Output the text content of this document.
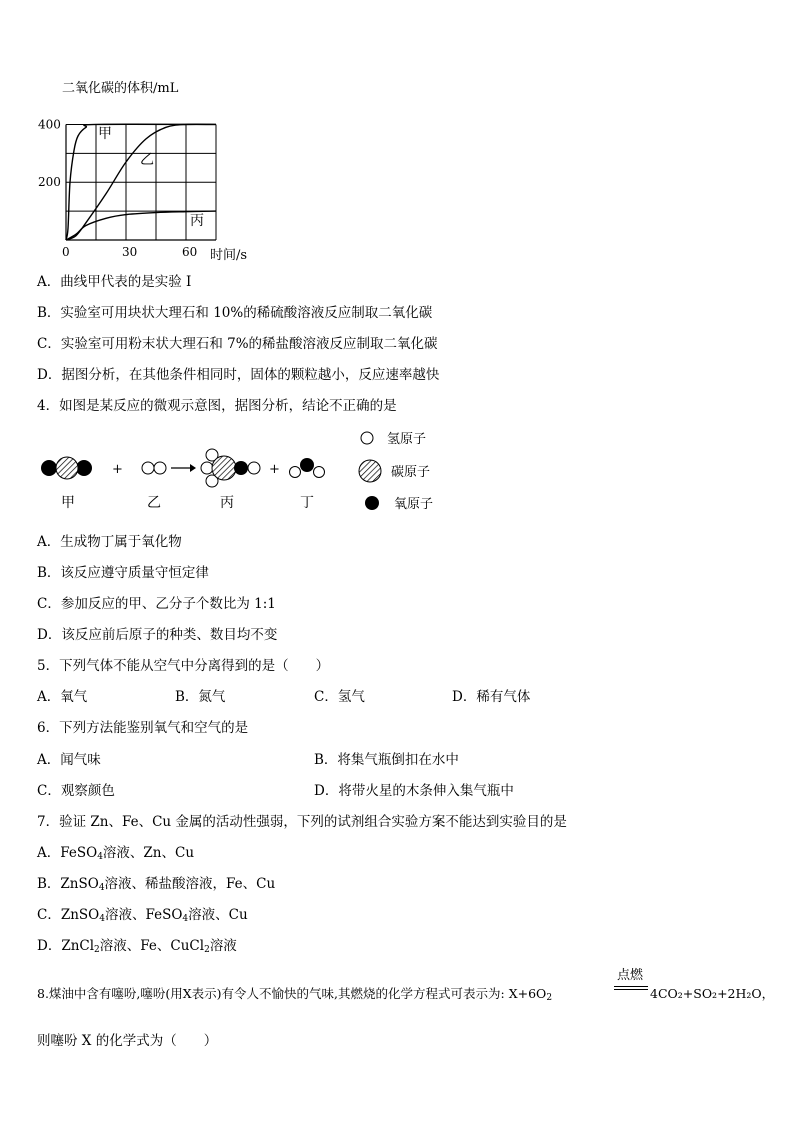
二氧化碳的体积/mL
0	30	60
200
400
时间/s
甲
乙
丙
A．曲线甲代表的是实验 I
B．实验室可用块状大理石和 10%的稀硫酸溶液反应制取二氧化碳
C．实验室可用粉末状大理石和 7%的稀盐酸溶液反应制取二氧化碳
D．据图分析，在其他条件相同时，固体的颗粒越小，反应速率越快
4．如图是某反应的微观示意图，据图分析，结论不正确的是
+	+
甲	乙	丙	丁
氢原子
碳原子
氧原子
A．生成物丁属于氧化物
B．该反应遵守质量守恒定律
C．参加反应的甲、乙分子个数比为 1:1
D．该反应前后原子的种类、数目均不变
5．下列气体不能从空气中分离得到的是（　　）
A．氧气	B．氮气	C．氢气	D．稀有气体
6．下列方法能鉴别氧气和空气的是
A．闻气味	B．将集气瓶倒扣在水中
C．观察颜色	D．将带火星的木条伸入集气瓶中
7．验证 Zn、Fe、Cu 金属的活动性强弱，下列的试剂组合实验方案不能达到实验目的是
A．FeSO$_4$溶液、Zn、Cu
B．ZnSO$_4$溶液、稀盐酸溶液，Fe、Cu
C．ZnSO$_4$溶液、FeSO$_4$溶液、Cu
D．ZnCl$_2$溶液、Fe、CuCl$_2$溶液
8.煤油中含有噻吩,噻吩(用X表示)有令人不愉快的气味,其燃烧的化学方程式可表示为: $X+6O_2$
点燃
4CO₂+SO₂+2H₂O，
则噻吩 X 的化学式为（　　）
